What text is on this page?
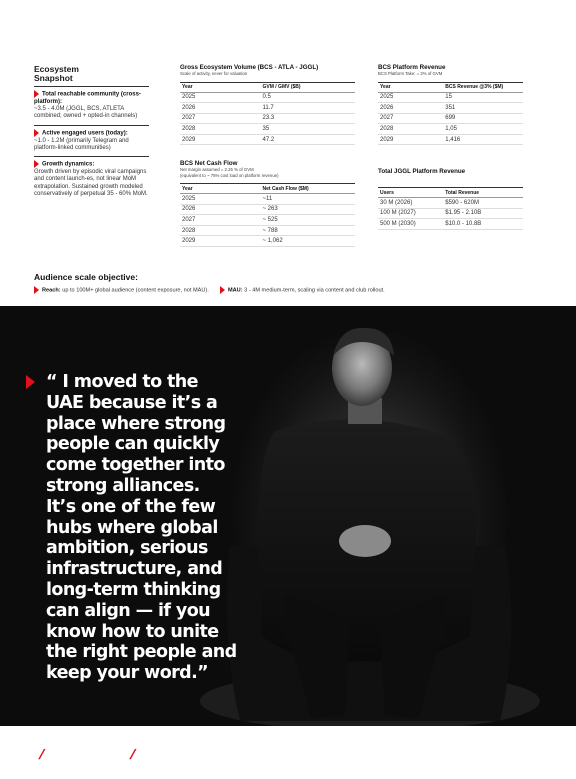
Ecosystem
Snapshot
Total reachable community (cross-platform):
~3.5 - 4.0M (JGGL, BCS, ATLETA combined; owned + opted-in channels)
Active engaged users (today):
~1.0 - 1.2M (primarily Telegram and platform-linked communities)
Growth dynamics:
Growth driven by episodic viral campaigns and content launch-es, not linear MoM extrapolation. Sustained growth modeled conservatively of perpetual 35 - 60% MoM.
Gross Ecosystem Volume (BCS - ATLA - JGGL)
Scale of activity, never for valuation
Year	GVM / GMV ($B)
2025	0.5
2026	11.7
2027	23.3
2028	35
2029	47.2
BCS Net Cash Flow
Net margin assumed = 2.25 % of GVM
(equivalent to ~ 75% cost load on platform revenue)
Year	Net Cash Flow ($M)
2025	~11
2026	~ 263
2027	~ 525
2028	~ 788
2029	~ 1,062
BCS Platform Revenue
BCS Platform Take: = 3% of GVM
Year	BCS Revenue @3% ($M)
2025	15
2026	351
2027	699
2028	1,05
2029	1,416
Total JGGL Platform Revenue
Users	Total Revenue
30 M (2026)	$590 - 620M
100 M (2027)	$1.95 - 2.10B
500 M (2030)	$10.0 - 10.8B
Audience scale objective:
Reach: up to 100M+ global audience (content exposure, not MAU).	MAU: 3 - 4M medium-term, scaling via content and club rollout.
“ I moved to the
UAE because it’s a
place where strong
people can quickly
come together into
strong alliances.
It’s one of the few
hubs where global
ambition, serious
infrastructure, and
long-term thinking
can align — if you
know how to unite
the right people and
keep your word.”
/	/
